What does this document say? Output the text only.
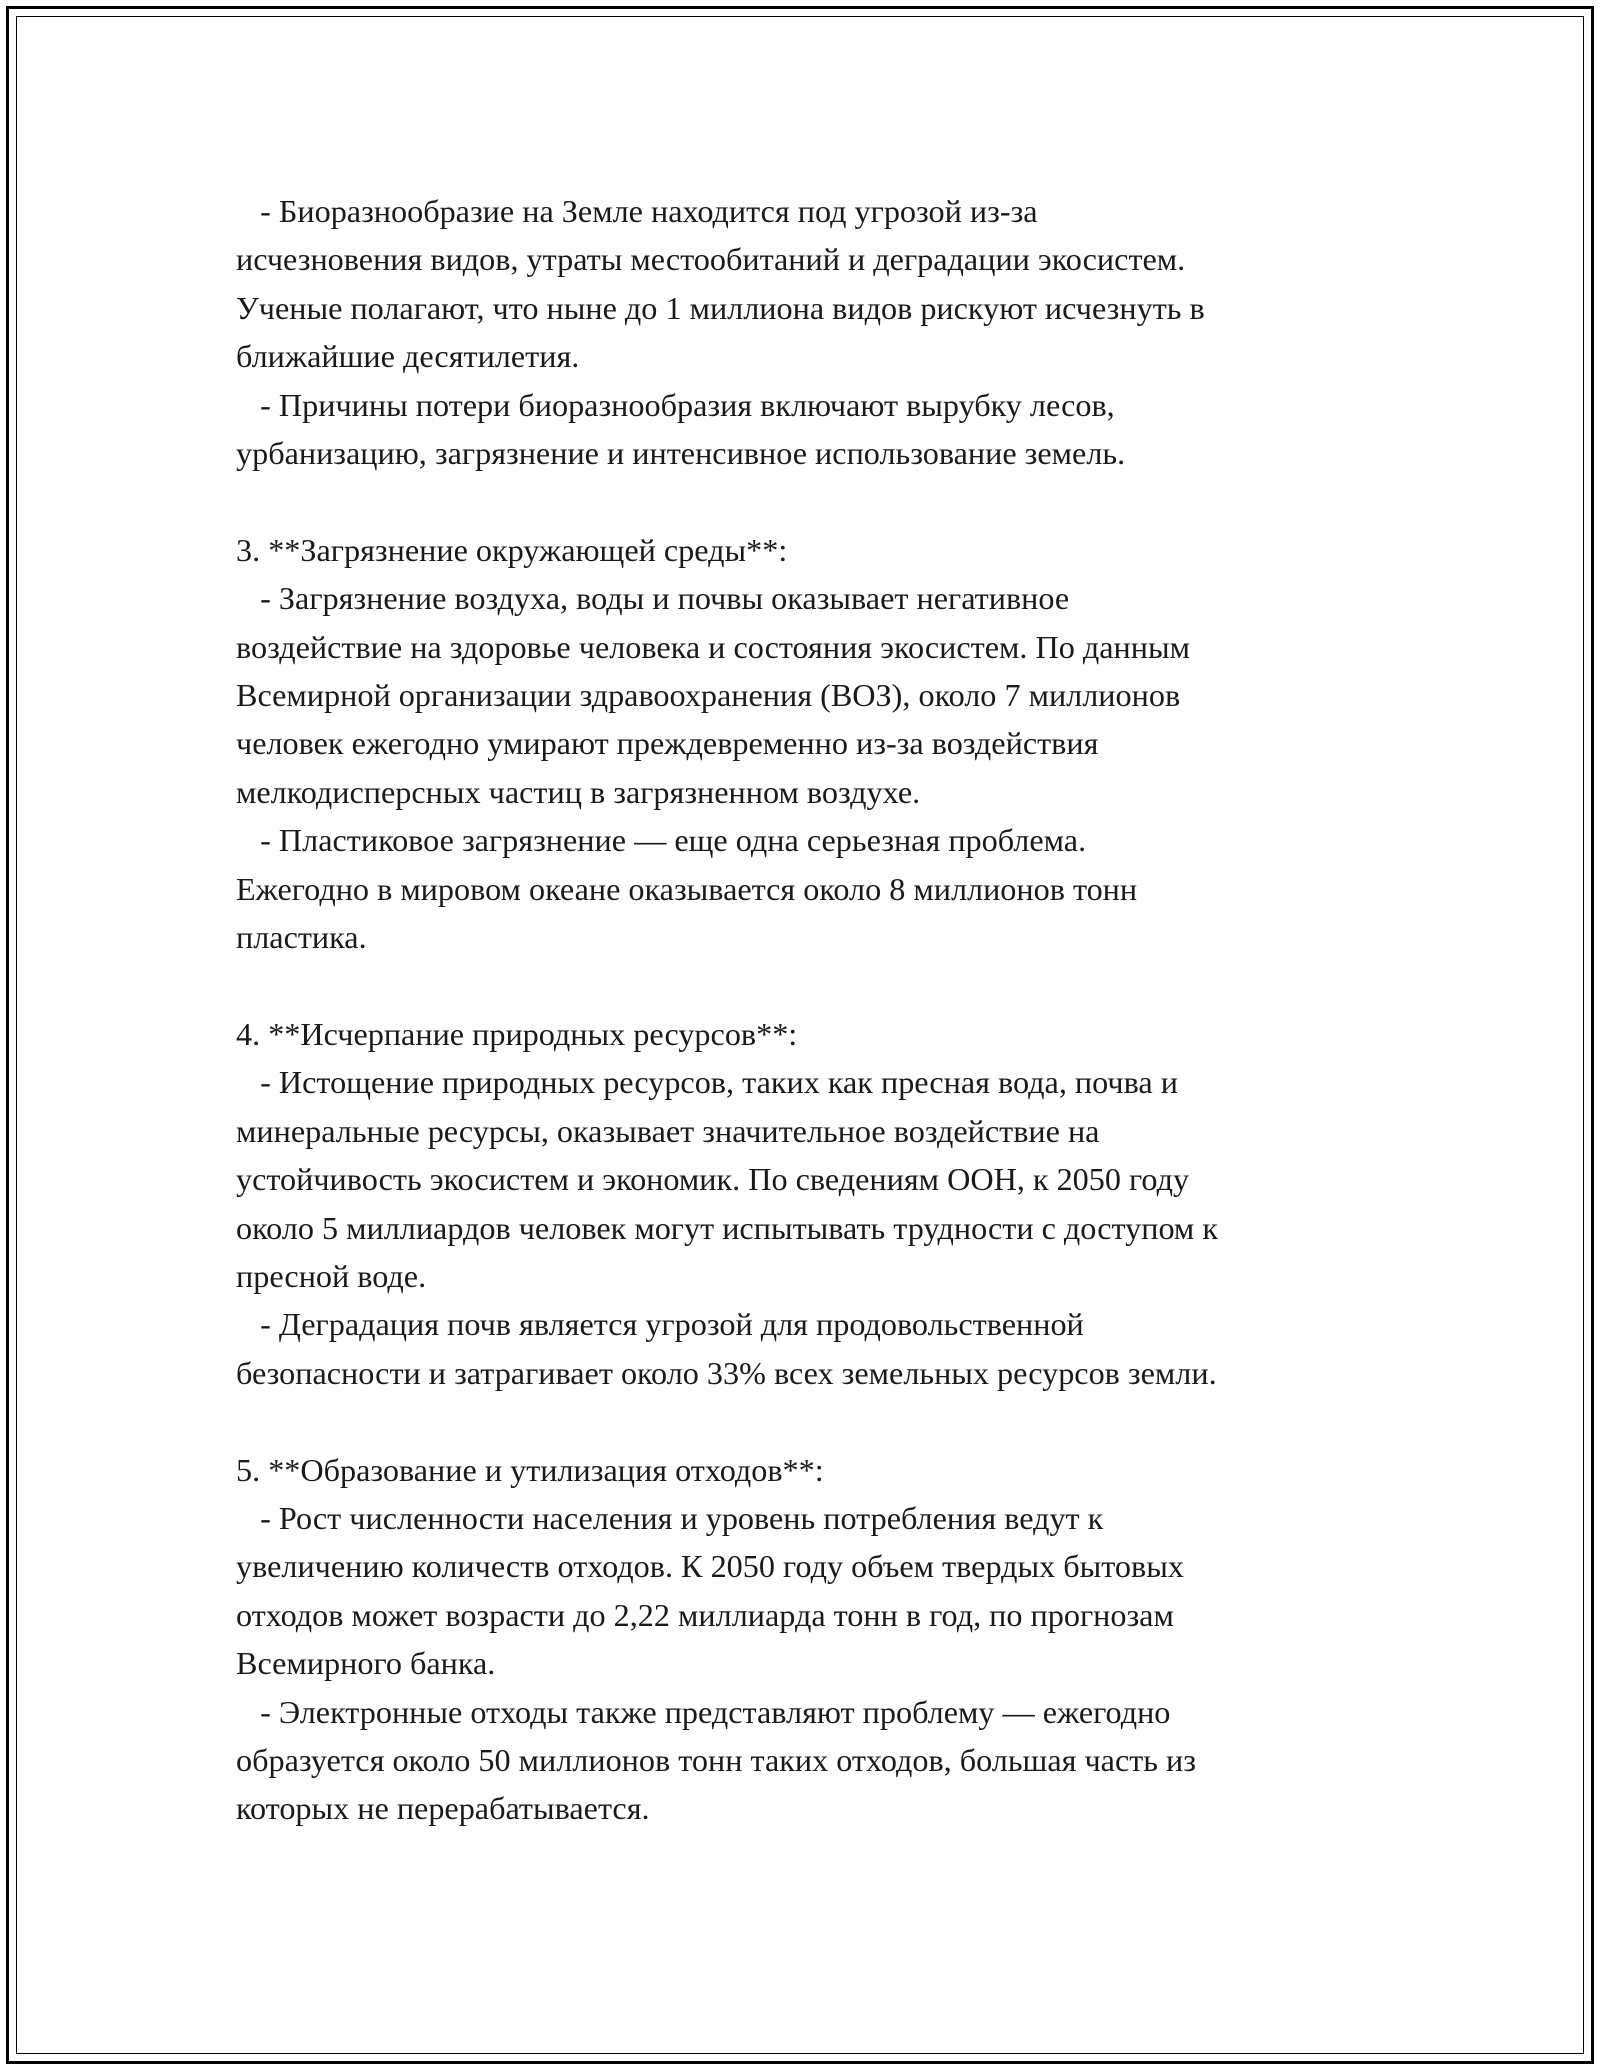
- Биоразнообразие на Земле находится под угрозой из-за
исчезновения видов, утраты местообитаний и деградации экосистем.
Ученые полагают, что ныне до 1 миллиона видов рискуют исчезнуть в
ближайшие десятилетия.
- Причины потери биоразнообразия включают вырубку лесов,
урбанизацию, загрязнение и интенсивное использование земель.
3. **Загрязнение окружающей среды**:
- Загрязнение воздуха, воды и почвы оказывает негативное
воздействие на здоровье человека и состояния экосистем. По данным
Всемирной организации здравоохранения (ВОЗ), около 7 миллионов
человек ежегодно умирают преждевременно из-за воздействия
мелкодисперсных частиц в загрязненном воздухе.
- Пластиковое загрязнение — еще одна серьезная проблема.
Ежегодно в мировом океане оказывается около 8 миллионов тонн
пластика.
4. **Исчерпание природных ресурсов**:
- Истощение природных ресурсов, таких как пресная вода, почва и
минеральные ресурсы, оказывает значительное воздействие на
устойчивость экосистем и экономик. По сведениям ООН, к 2050 году
около 5 миллиардов человек могут испытывать трудности с доступом к
пресной воде.
- Деградация почв является угрозой для продовольственной
безопасности и затрагивает около 33% всех земельных ресурсов земли.
5. **Образование и утилизация отходов**:
- Рост численности населения и уровень потребления ведут к
увеличению количеств отходов. К 2050 году объем твердых бытовых
отходов может возрасти до 2,22 миллиарда тонн в год, по прогнозам
Всемирного банка.
- Электронные отходы также представляют проблему — ежегодно
образуется около 50 миллионов тонн таких отходов, большая часть из
которых не перерабатывается.
